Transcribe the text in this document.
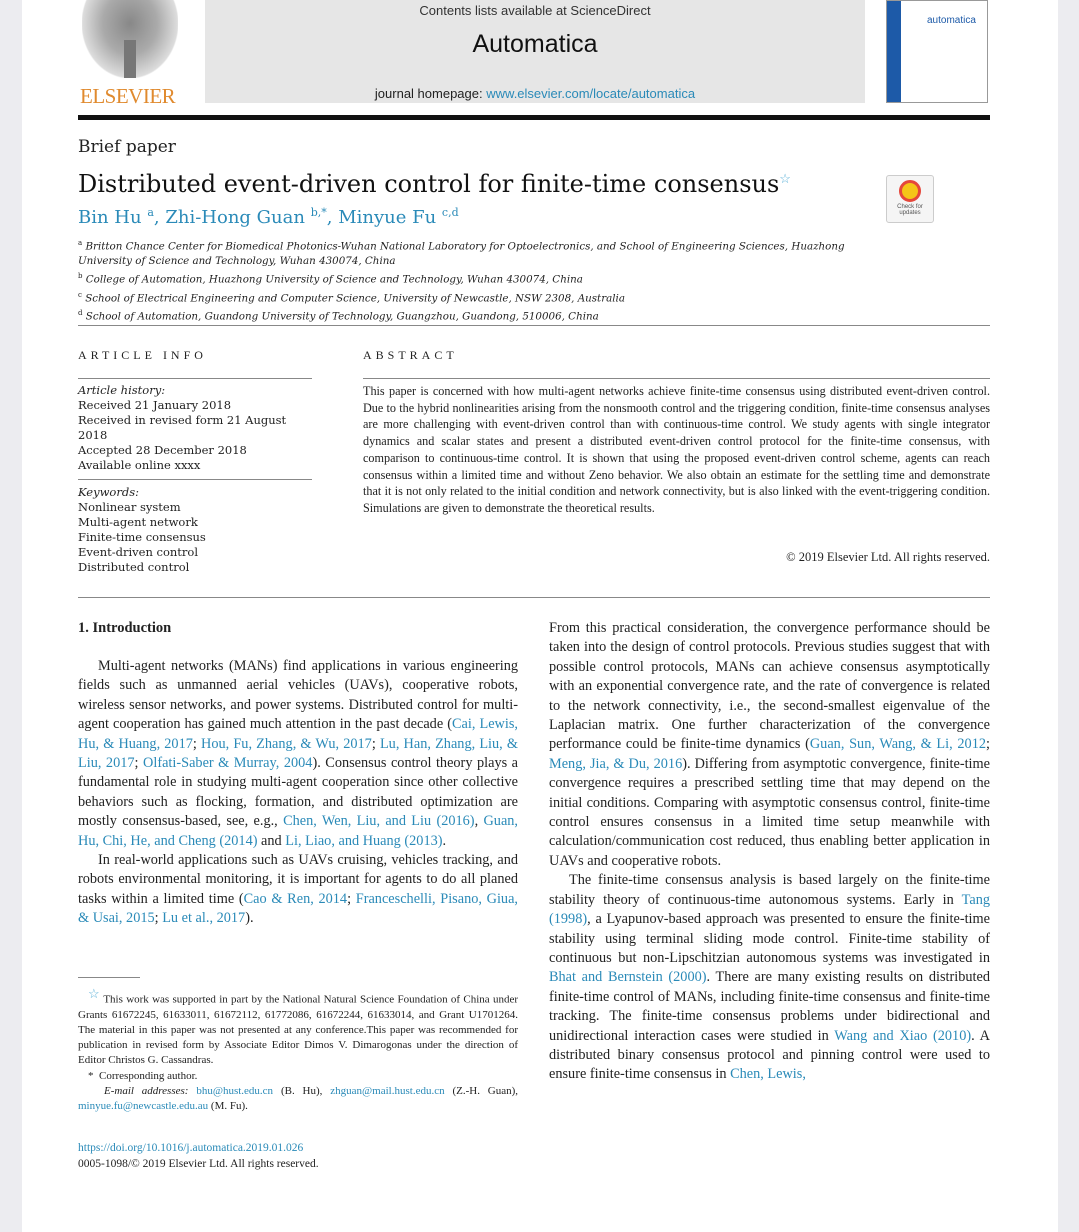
ELSEVIER
Contents lists available at ScienceDirect
Automatica
journal homepage: www.elsevier.com/locate/automatica
automatica
Brief paper
Distributed event-driven control for finite-time consensus☆
Bin Hu $^a$, Zhi-Hong Guan $^{b,*}$, Minyue Fu $^{c,d}$	Check for updates
$^a$ Britton Chance Center for Biomedical Photonics-Wuhan National Laboratory for Optoelectronics, and School of Engineering Sciences, Huazhong University of Science and Technology, Wuhan 430074, China
$^b$ College of Automation, Huazhong University of Science and Technology, Wuhan 430074, China
$^c$ School of Electrical Engineering and Computer Science, University of Newcastle, NSW 2308, Australia
$^d$ School of Automation, Guandong University of Technology, Guangzhou, Guandong, 510006, China
ARTICLE INFO	ABSTRACT
Article history:
Received 21 January 2018
Received in revised form 21 August 2018
Accepted 28 December 2018
Available online xxxx
Keywords:
Nonlinear system
Multi-agent network
Finite-time consensus
Event-driven control
Distributed control
This paper is concerned with how multi-agent networks achieve finite-time consensus using distributed event-driven control. Due to the hybrid nonlinearities arising from the nonsmooth control and the triggering condition, finite-time consensus analyses are more challenging with event-driven control than with continuous-time control. We study agents with single integrator dynamics and scalar states and present a distributed event-driven control protocol for the finite-time consensus, with comparison to continuous-time control. It is shown that using the proposed event-driven control scheme, agents can reach consensus within a limited time and without Zeno behavior. We also obtain an estimate for the settling time and demonstrate that it is not only related to the initial condition and network connectivity, but is also linked with the event-triggering condition. Simulations are given to demonstrate the theoretical results.
© 2019 Elsevier Ltd. All rights reserved.
1. Introduction

Multi-agent networks (MANs) find applications in various engineering fields such as unmanned aerial vehicles (UAVs), cooperative robots, wireless sensor networks, and power systems. Distributed control for multi-agent cooperation has gained much attention in the past decade (Cai, Lewis, Hu, & Huang, 2017; Hou, Fu, Zhang, & Wu, 2017; Lu, Han, Zhang, Liu, & Liu, 2017; Olfati-Saber & Murray, 2004). Consensus control theory plays a fundamental role in studying multi-agent cooperation since other collective behaviors such as flocking, formation, and distributed optimization are mostly consensus-based, see, e.g., Chen, Wen, Liu, and Liu (2016), Guan, Hu, Chi, He, and Cheng (2014) and Li, Liao, and Huang (2013).

In real-world applications such as UAVs cruising, vehicles tracking, and robots environmental monitoring, it is important for agents to do all planed tasks within a limited time (Cao & Ren, 2014; Franceschelli, Pisano, Giua, & Usai, 2015; Lu et al., 2017).

From this practical consideration, the convergence performance should be taken into the design of control protocols. Previous studies suggest that with possible control protocols, MANs can achieve consensus asymptotically with an exponential convergence rate, and the rate of convergence is related to the network connectivity, i.e., the second-smallest eigenvalue of the Laplacian matrix. One further characterization of the convergence performance could be finite-time dynamics (Guan, Sun, Wang, & Li, 2012; Meng, Jia, & Du, 2016). Differing from asymptotic convergence, finite-time convergence requires a prescribed settling time that may depend on the initial conditions. Comparing with asymptotic consensus control, finite-time control ensures consensus in a limited time setup meanwhile with calculation/communication cost reduced, thus enabling better application in UAVs and cooperative robots.

The finite-time consensus analysis is based largely on the finite-time stability theory of continuous-time autonomous systems. Early in Tang (1998), a Lyapunov-based approach was presented to ensure the finite-time stability using terminal sliding mode control. Finite-time stability of continuous but non-Lipschitzian autonomous systems was investigated in Bhat and Bernstein (2000). There are many existing results on distributed finite-time control of MANs, including finite-time consensus and finite-time tracking. The finite-time consensus problems under bidirectional and unidirectional interaction cases were studied in Wang and Xiao (2010). A distributed binary consensus protocol and pinning control were used to ensure finite-time consensus in Chen, Lewis,

☆ This work was supported in part by the National Natural Science Foundation of China under Grants 61672245, 61633011, 61672112, 61772086, 61672244, 61633014, and Grant U1701264. The material in this paper was not presented at any conference.This paper was recommended for publication in revised form by Associate Editor Dimos V. Dimarogonas under the direction of Editor Christos G. Cassandras.
* Corresponding author.
E-mail addresses: bhu@hust.edu.cn (B. Hu), zhguan@mail.hust.edu.cn (Z.-H. Guan), minyue.fu@newcastle.edu.au (M. Fu).
https://doi.org/10.1016/j.automatica.2019.01.026
0005-1098/© 2019 Elsevier Ltd. All rights reserved.
